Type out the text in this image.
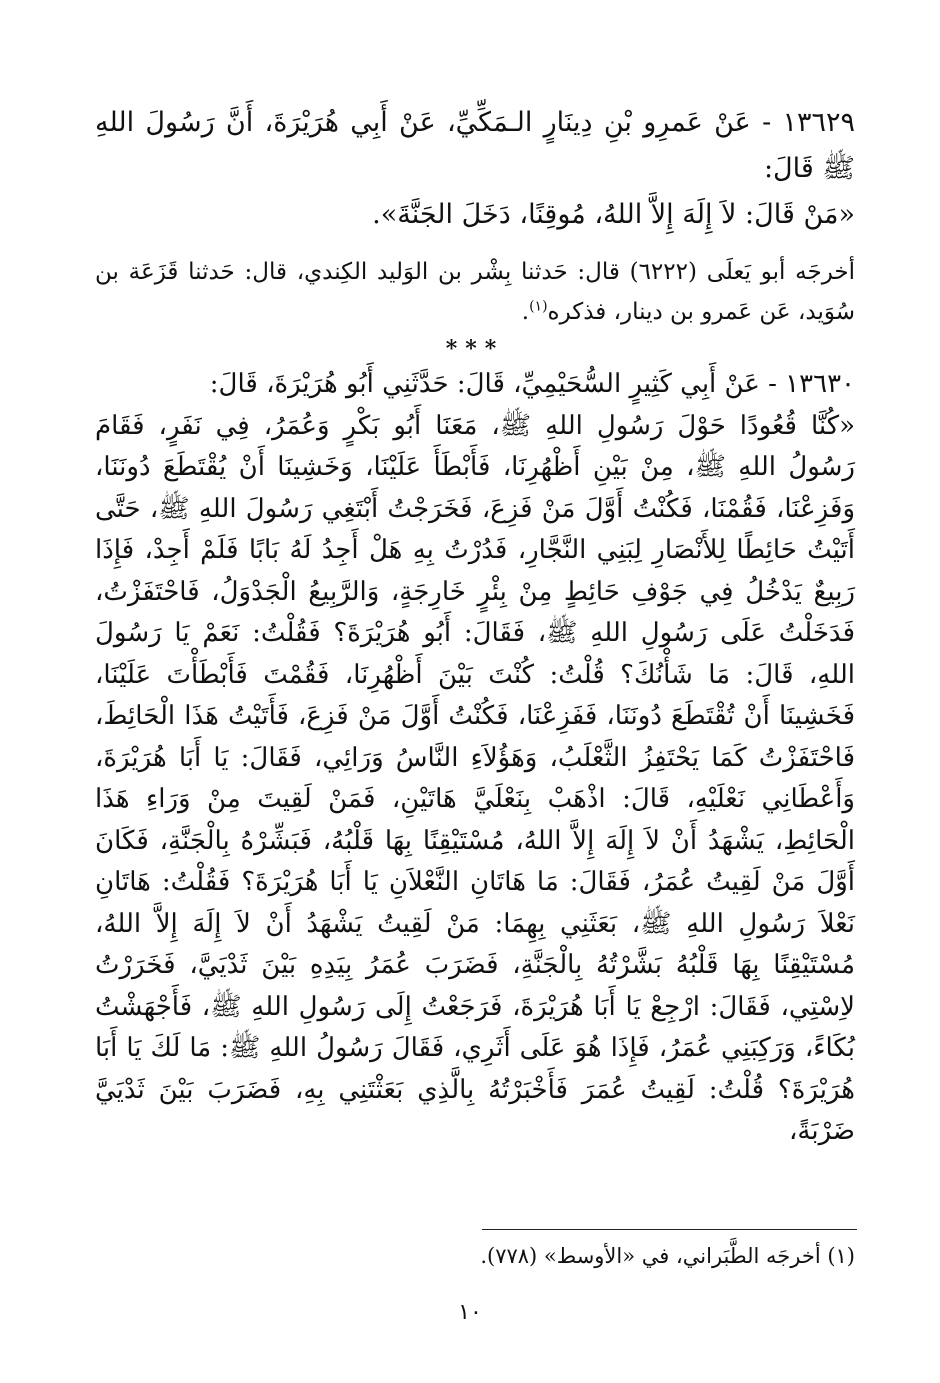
١٣٦٢٩ - عَنْ عَمرِو بْنِ دِينَارٍ الـمَكِّيِّ، عَنْ أَبِي هُرَيْرَةَ، أَنَّ رَسُولَ اللهِ ﷺ قَالَ:

«مَنْ قَالَ: لاَ إِلَهَ إِلاَّ اللهُ، مُوقِنًا، دَخَلَ الجَنَّةَ».

أخرجَه أبو يَعلَى (٦٢٢٢) قال: حَدثنا بِشْر بن الوَليد الكِندي، قال: حَدثنا قَزَعَة بن سُوَيد، عَن عَمرو بن دينار، فذكره$^{(١)}$.
***

١٣٦٣٠ - عَنْ أَبِي كَثِيرٍ السُّحَيْمِيِّ، قَالَ: حَدَّثَنِي أَبُو هُرَيْرَةَ، قَالَ:

«كُنَّا قُعُودًا حَوْلَ رَسُولِ اللهِ ﷺ، مَعَنَا أَبُو بَكْرٍ وَعُمَرُ، فِي نَفَرٍ، فَقَامَ رَسُولُ اللهِ ﷺ، مِنْ بَيْنِ أَظْهُرِنَا، فَأَبْطَأَ عَلَيْنَا، وَخَشِينَا أَنْ يُقْتَطَعَ دُونَنَا، وَفَزِعْنَا، فَقُمْنَا، فَكُنْتُ أَوَّلَ مَنْ فَزِعَ، فَخَرَجْتُ أَبْتَغِي رَسُولَ اللهِ ﷺ، حَتَّى أَتَيْتُ حَائِطًا لِلأَنْصَارِ لِبَنِي النَّجَّارِ، فَدُرْتُ بِهِ هَلْ أَجِدُ لَهُ بَابًا فَلَمْ أَجِدْ، فَإِذَا رَبِيعٌ يَدْخُلُ فِي جَوْفِ حَائِطٍ مِنْ بِئْرٍ خَارِجَةٍ، وَالرَّبِيعُ الْجَدْوَلُ، فَاحْتَفَزْتُ، فَدَخَلْتُ عَلَى رَسُولِ اللهِ ﷺ، فَقَالَ: أَبُو هُرَيْرَةَ؟ فَقُلْتُ: نَعَمْ يَا رَسُولَ اللهِ، قَالَ: مَا شَأْنُكَ؟ قُلْتُ: كُنْتَ بَيْنَ أَظْهُرِنَا، فَقُمْتَ فَأَبْطَأْتَ عَلَيْنَا، فَخَشِينَا أَنْ تُقْتَطَعَ دُونَنَا، فَفَزِعْنَا، فَكُنْتُ أَوَّلَ مَنْ فَزِعَ، فَأَتَيْتُ هَذَا الْحَائِطَ، فَاحْتَفَزْتُ كَمَا يَحْتَفِزُ الثَّعْلَبُ، وَهَؤُلاَءِ النَّاسُ وَرَائِي، فَقَالَ: يَا أَبَا هُرَيْرَةَ، وَأَعْطَانِي نَعْلَيْهِ، قَالَ: اذْهَبْ بِنَعْلَيَّ هَاتَيْنِ، فَمَنْ لَقِيتَ مِنْ وَرَاءِ هَذَا الْحَائِطِ، يَشْهَدُ أَنْ لاَ إِلَهَ إِلاَّ اللهُ، مُسْتَيْقِنًا بِهَا قَلْبُهُ، فَبَشِّرْهُ بِالْجَنَّةِ، فَكَانَ أَوَّلَ مَنْ لَقِيتُ عُمَرُ، فَقَالَ: مَا هَاتَانِ النَّعْلاَنِ يَا أَبَا هُرَيْرَةَ؟ فَقُلْتُ: هَاتَانِ نَعْلاَ رَسُولِ اللهِ ﷺ، بَعَثَنِي بِهِمَا: مَنْ لَقِيتُ يَشْهَدُ أَنْ لاَ إِلَهَ إِلاَّ اللهُ، مُسْتَيْقِنًا بِهَا قَلْبُهُ بَشَّرْتُهُ بِالْجَنَّةِ، فَضَرَبَ عُمَرُ بِيَدِهِ بَيْنَ ثَدْيَيَّ، فَخَرَرْتُ لاِسْتِي، فَقَالَ: ارْجِعْ يَا أَبَا هُرَيْرَةَ، فَرَجَعْتُ إِلَى رَسُولِ اللهِ ﷺ، فَأَجْهَشْتُ بُكَاءً، وَرَكِبَنِي عُمَرُ، فَإِذَا هُوَ عَلَى أَثَرِي، فَقَالَ رَسُولُ اللهِ ﷺ: مَا لَكَ يَا أَبَا هُرَيْرَةَ؟ قُلْتُ: لَقِيتُ عُمَرَ فَأَخْبَرْتُهُ بِالَّذِي بَعَثْتَنِي بِهِ، فَضَرَبَ بَيْنَ ثَدْيَيَّ ضَرْبَةً،

(١) أخرجَه الطَّبَراني، في «الأوسط» (٧٧٨).
١٠
